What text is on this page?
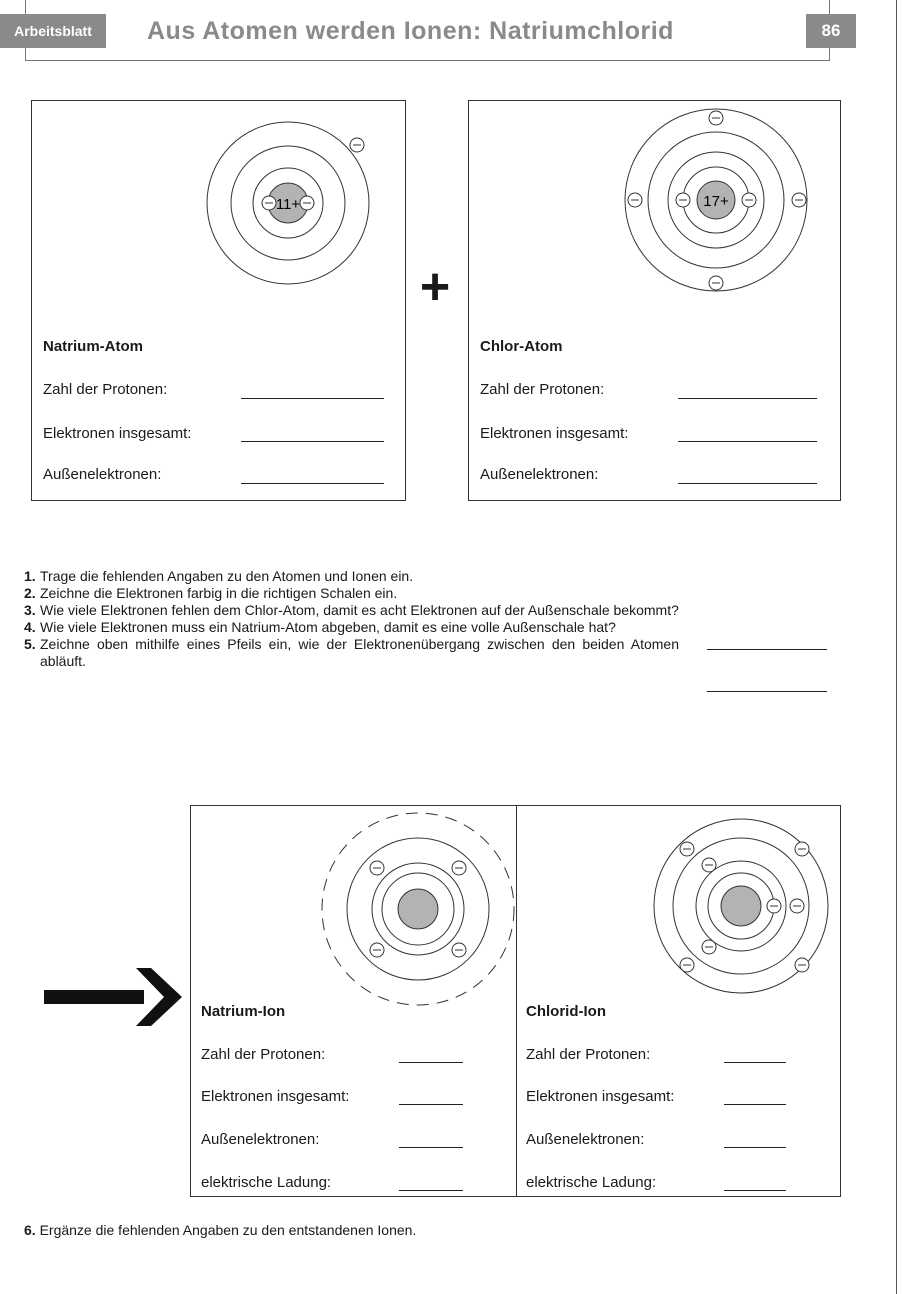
Arbeitsblatt	Aus Atomen werden Ionen: Natriumchlorid	86
11+
Natrium-Atom
Zahl der Protonen:
Elektronen insgesamt:
Außenelektronen:
+
17+
Chlor-Atom
Zahl der Protonen:
Elektronen insgesamt:
Außenelektronen:
1. Trage die fehlenden Angaben zu den Atomen und Ionen ein.
2. Zeichne die Elektronen farbig in die richtigen Schalen ein.
3. Wie viele Elektronen fehlen dem Chlor-Atom, damit es acht Elektronen auf der Außenschale bekommt?
4. Wie viele Elektronen muss ein Natrium-Atom abgeben, damit es eine volle Außenschale hat?
5. Zeichne oben mithilfe eines Pfeils ein, wie der Elektronenübergang zwischen den beiden Atomen abläuft.
Natrium-Ion
Zahl der Protonen:
Elektronen insgesamt:
Außenelektronen:
elektrische Ladung:
Chlorid-Ion
Zahl der Protonen:
Elektronen insgesamt:
Außenelektronen:
elektrische Ladung:
6. Ergänze die fehlenden Angaben zu den entstandenen Ionen.
